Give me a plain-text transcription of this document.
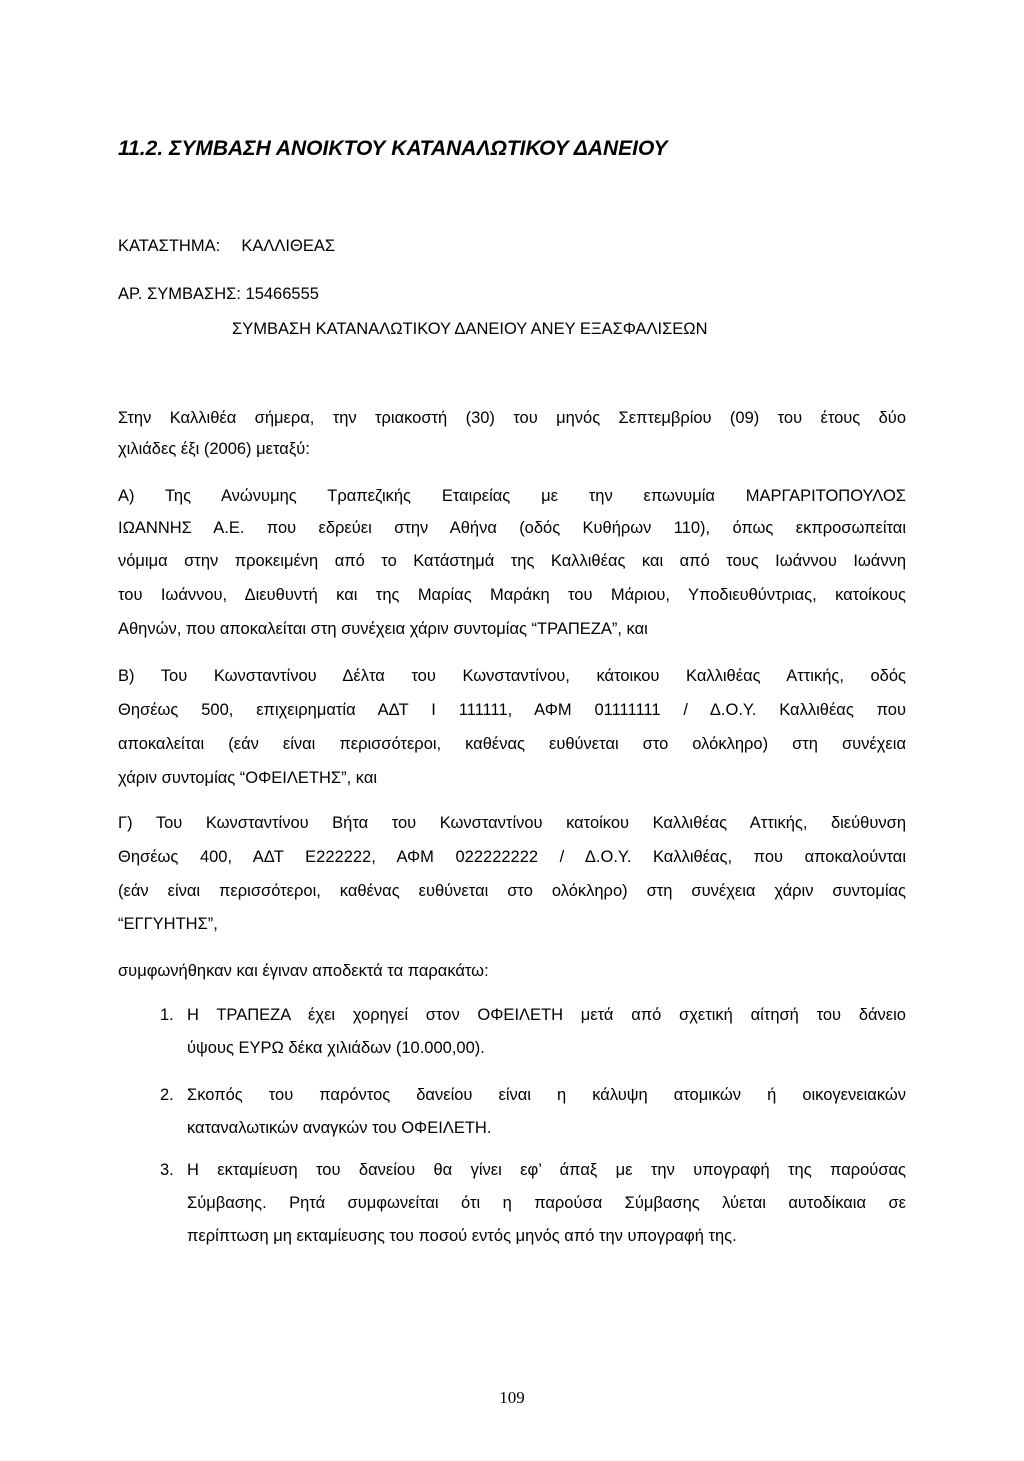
11.2. ΣΥΜΒΑΣΗ ΑΝΟΙΚΤΟΥ ΚΑΤΑΝΑΛΩΤΙΚΟΥ ΔΑΝΕΙΟΥ
ΚΑΤΑΣΤΗΜΑ: ΚΑΛΛΙΘΕΑΣ
ΑΡ. ΣΥΜΒΑΣΗΣ: 15466555
ΣΥΜΒΑΣΗ ΚΑΤΑΝΑΛΩΤΙΚΟΥ ΔΑΝΕΙΟΥ ΑΝΕΥ ΕΞΑΣΦΑΛΙΣΕΩΝ
Στην Καλλιθέα σήμερα, την τριακοστή (30) του μηνός Σεπτεμβρίου (09) του έτους δύο
χιλιάδες έξι (2006) μεταξύ:
Α) Της Ανώνυμης Τραπεζικής Εταιρείας με την επωνυμία ΜΑΡΓΑΡΙΤΟΠΟΥΛΟΣ
ΙΩΑΝΝΗΣ Α.Ε. που εδρεύει στην Αθήνα (οδός Κυθήρων 110), όπως εκπροσωπείται
νόμιμα στην προκειμένη από το Κατάστημά της Καλλιθέας και από τους Ιωάννου Ιωάννη
του Ιωάννου, Διευθυντή και της Μαρίας Μαράκη του Μάριου, Υποδιευθύντριας, κατοίκους
Αθηνών, που αποκαλείται στη συνέχεια χάριν συντομίας “ΤΡΑΠΕΖΑ”, και
Β) Του Κωνσταντίνου Δέλτα του Κωνσταντίνου, κάτοικου Καλλιθέας Αττικής, οδός
Θησέως 500, επιχειρηματία ΑΔΤ Ι 111111, ΑΦΜ 01111111 / Δ.Ο.Υ. Καλλιθέας που
αποκαλείται (εάν είναι περισσότεροι, καθένας ευθύνεται στο ολόκληρο) στη συνέχεια
χάριν συντομίας “ΟΦΕΙΛΕΤΗΣ”, και
Γ) Του Κωνσταντίνου Βήτα του Κωνσταντίνου κατοίκου Καλλιθέας Αττικής, διεύθυνση
Θησέως 400, ΑΔΤ Ε222222, ΑΦΜ 022222222 / Δ.Ο.Υ. Καλλιθέας, που αποκαλούνται
(εάν είναι περισσότεροι, καθένας ευθύνεται στο ολόκληρο) στη συνέχεια χάριν συντομίας
“ΕΓΓΥΗΤΗΣ”,
συμφωνήθηκαν και έγιναν αποδεκτά τα παρακάτω:
1. Η ΤΡΑΠΕΖΑ έχει χορηγεί στον ΟΦΕΙΛΕΤΗ μετά από σχετική αίτησή του δάνειο
ύψους ΕΥΡΩ δέκα χιλιάδων (10.000,00).
2. Σκοπός του παρόντος δανείου είναι η κάλυψη ατομικών ή οικογενειακών
καταναλωτικών αναγκών του ΟΦΕΙΛΕΤΗ.
3. Η εκταμίευση του δανείου θα γίνει εφ’ άπαξ με την υπογραφή της παρούσας
Σύμβασης. Ρητά συμφωνείται ότι η παρούσα Σύμβασης λύεται αυτοδίκαια σε
περίπτωση μη εκταμίευσης του ποσού εντός μηνός από την υπογραφή της.
109
